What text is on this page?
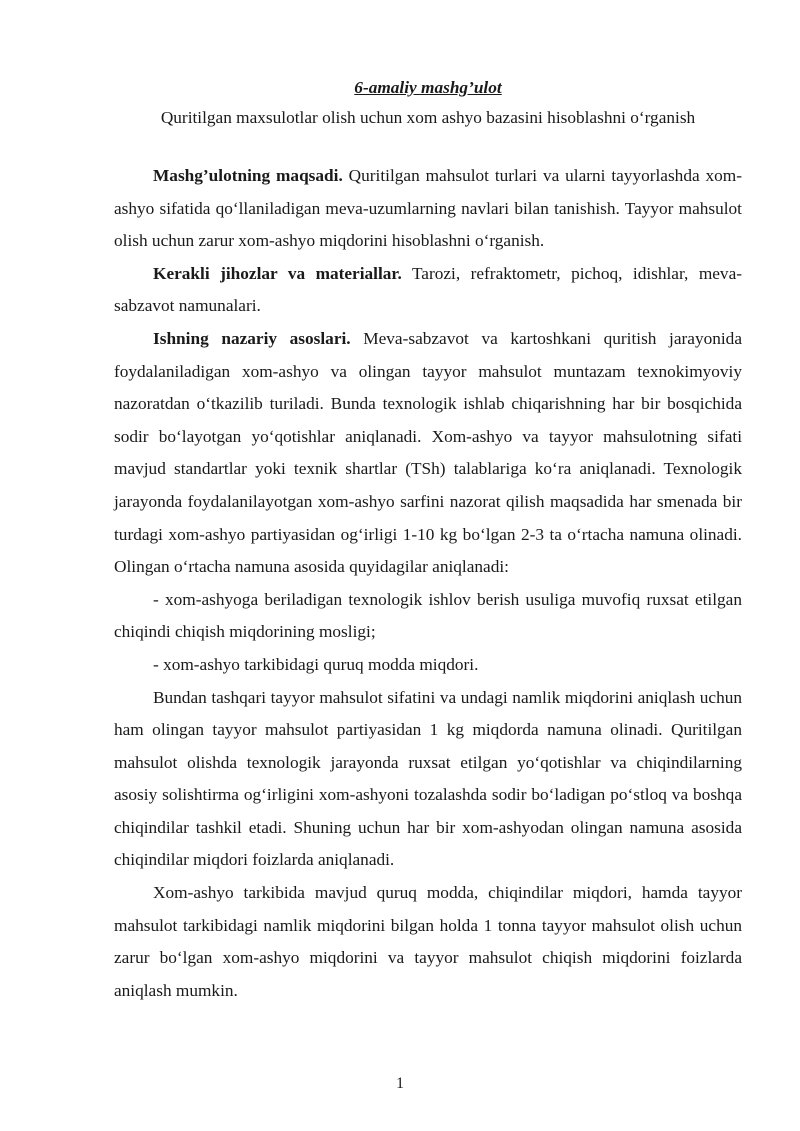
6-amaliy mashg’ulot

Quritilgan maxsulotlar olish uchun xom ashyo bazasini hisoblashni o‘rganish

Mashg’ulotning maqsadi. Quritilgan mahsulot turlari va ularni tayyorlashda xom-ashyo sifatida qo‘llaniladigan meva-uzumlarning navlari bilan tanishish. Tayyor mahsulot olish uchun zarur xom-ashyo miqdorini hisoblashni o‘rganish.

Kerakli jihozlar va materiallar. Tarozi, refraktometr, pichoq, idishlar, meva-sabzavot namunalari.

Ishning nazariy asoslari. Meva-sabzavot va kartoshkani quritish jarayonida foydalaniladigan xom-ashyo va olingan tayyor mahsulot muntazam texnokimyoviy nazoratdan o‘tkazilib turiladi. Bunda texnologik ishlab chiqarishning har bir bosqichida sodir bo‘layotgan yo‘qotishlar aniqlanadi. Xom-ashyo va tayyor mahsulotning sifati mavjud standartlar yoki texnik shartlar (TSh) talablariga ko‘ra aniqlanadi. Texnologik jarayonda foydalanilayotgan xom-ashyo sarfini nazorat qilish maqsadida har smenada bir turdagi xom-ashyo partiyasidan og‘irligi 1-10 kg bo‘lgan 2-3 ta o‘rtacha namuna olinadi. Olingan o‘rtacha namuna asosida quyidagilar aniqlanadi:

- xom-ashyoga beriladigan texnologik ishlov berish usuliga muvofiq ruxsat etilgan chiqindi chiqish miqdorining mosligi;

- xom-ashyo tarkibidagi quruq modda miqdori.

Bundan tashqari tayyor mahsulot sifatini va undagi namlik miqdorini aniqlash uchun ham olingan tayyor mahsulot partiyasidan 1 kg miqdorda namuna olinadi. Quritilgan mahsulot olishda texnologik jarayonda ruxsat etilgan yo‘qotishlar va chiqindilarning asosiy solishtirma og‘irligini xom-ashyoni tozalashda sodir bo‘ladigan po‘stloq va boshqa chiqindilar tashkil etadi. Shuning uchun har bir xom-ashyodan olingan namuna asosida chiqindilar miqdori foizlarda aniqlanadi.

Xom-ashyo tarkibida mavjud quruq modda, chiqindilar miqdori, hamda tayyor mahsulot tarkibidagi namlik miqdorini bilgan holda 1 tonna tayyor mahsulot olish uchun zarur bo‘lgan xom-ashyo miqdorini va tayyor mahsulot chiqish miqdorini foizlarda aniqlash mumkin.

1
